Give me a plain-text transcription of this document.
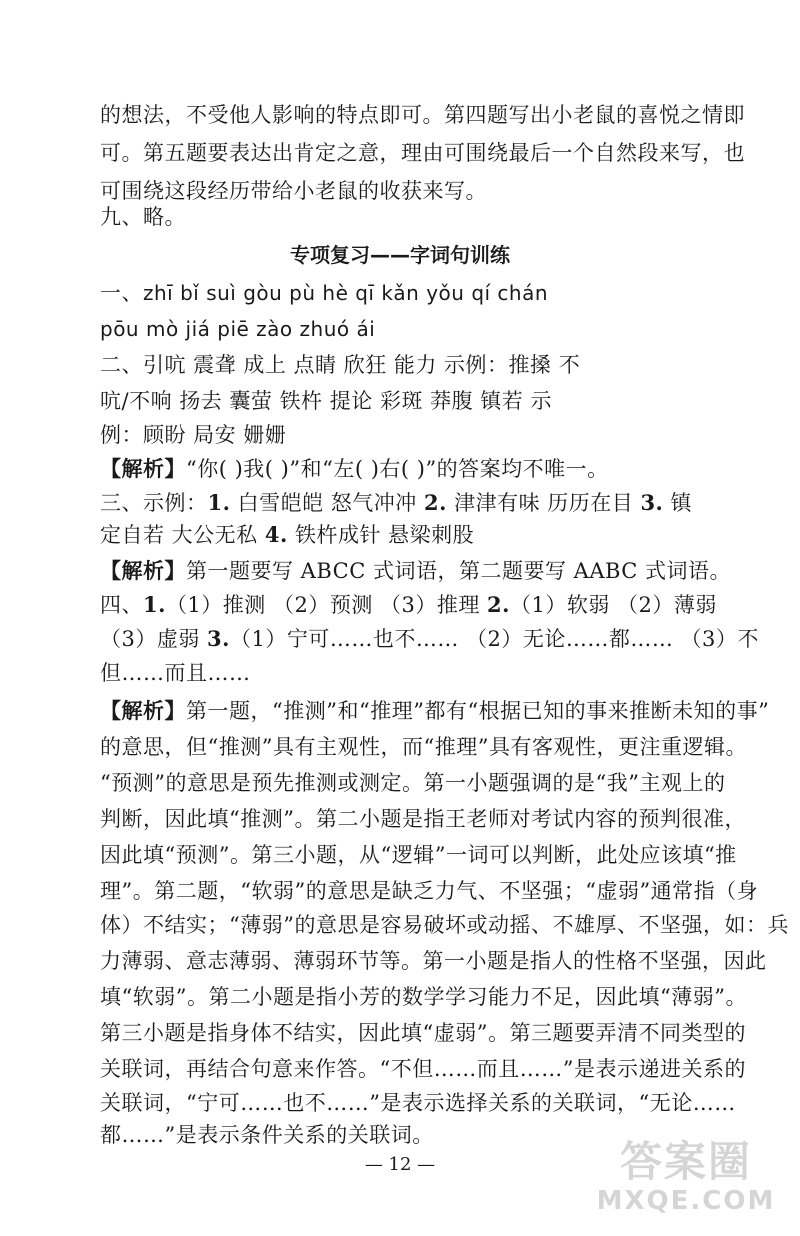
的想法，不受他人影响的特点即可。第四题写出小老鼠的喜悦之情即
可。第五题要表达出肯定之意，理由可围绕最后一个自然段来写，也
可围绕这段经历带给小老鼠的收获来写。
九、略。
专项复习——字词句训练
一、zhī bǐ suì gòu pù hè qī kǎn yǒu qí chán
pōu mò jiá piē zào zhuó ái
二、引吭 震聋 成上 点睛 欣狂 能力 示例：推搡 不
吭/不响 扬去 囊萤 铁杵 提论 彩斑 莽腹 镇若 示
例：顾盼 局安 姗姗
【解析】“你( )我( )”和“左( )右( )”的答案均不唯一。
三、示例：1. 白雪皑皑 怒气冲冲 2. 津津有味 历历在目 3. 镇
定自若 大公无私 4. 铁杵成针 悬梁刺股
【解析】第一题要写 ABCC 式词语，第二题要写 AABC 式词语。
四、1.（1）推测 （2）预测 （3）推理 2.（1）软弱 （2）薄弱
（3）虚弱 3.（1）宁可……也不…… （2）无论……都…… （3）不
但……而且……
【解析】第一题，“推测”和“推理”都有“根据已知的事来推断未知的事”
的意思，但“推测”具有主观性，而“推理”具有客观性，更注重逻辑。
“预测”的意思是预先推测或测定。第一小题强调的是“我”主观上的
判断，因此填“推测”。第二小题是指王老师对考试内容的预判很准，
因此填“预测”。第三小题，从“逻辑”一词可以判断，此处应该填“推
理”。第二题，“软弱”的意思是缺乏力气、不坚强；“虚弱”通常指（身
体）不结实；“薄弱”的意思是容易破坏或动摇、不雄厚、不坚强，如：兵
力薄弱、意志薄弱、薄弱环节等。第一小题是指人的性格不坚强，因此
填“软弱”。第二小题是指小芳的数学学习能力不足，因此填“薄弱”。
第三小题是指身体不结实，因此填“虚弱”。第三题要弄清不同类型的
关联词，再结合句意来作答。“不但……而且……”是表示递进关系的
关联词，“宁可……也不……”是表示选择关系的关联词，“无论……
都……”是表示条件关系的关联词。
— 12 —	答案圈
MXQE.COM
